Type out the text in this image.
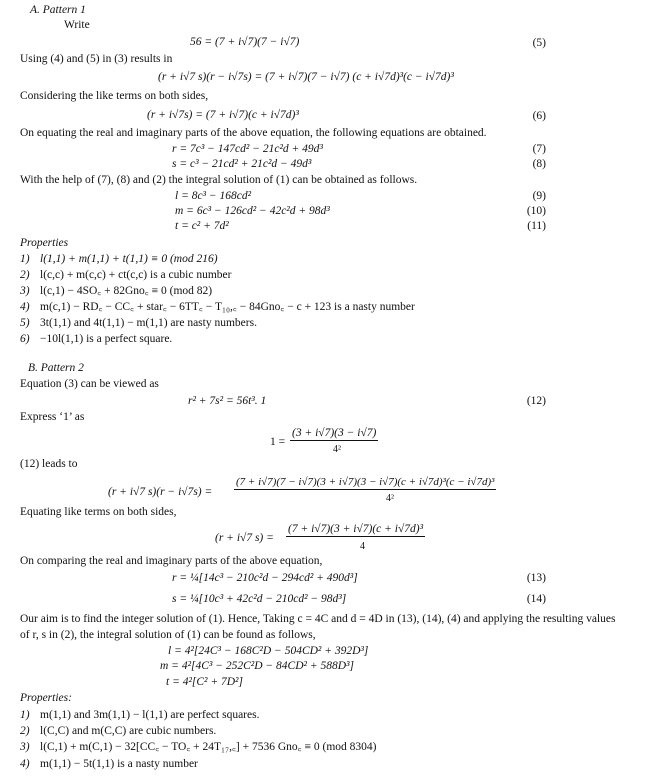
A. Pattern 1
Write
56 = (7 + i√7)(7 − i√7)	(5)
Using (4) and (5) in (3) results in
(r + i√7 s)(r − i√7s) = (7 + i√7)(7 − i√7) (c + i√7d)³(c − i√7d)³
Considering the like terms on both sides,
(r + i√7s) = (7 + i√7)(c + i√7d)³	(6)
On equating the real and imaginary parts of the above equation, the following equations are obtained.
r = 7c³ − 147cd² − 21c²d + 49d³	(7)
s = c³ − 21cd² + 21c²d − 49d³	(8)
With the help of (7), (8) and (2) the integral solution of (1) can be obtained as follows.
l = 8c³ − 168cd²	(9)
m = 6c³ − 126cd² − 42c²d + 98d³	(10)
t = c² + 7d²	(11)
Properties
1) l(1,1) + m(1,1) + t(1,1) ≡ 0 (mod 216)
2) l(c,c) + m(c,c) + ct(c,c) is a cubic number
3) l(c,1) − 4SO꜀ + 82Gno꜀ ≡ 0 (mod 82)
4) m(c,1) − RD꜀ − CC꜀ + star꜀ − 6TT꜀ − T₁₀,꜀ − 84Gno꜀ − c + 123 is a nasty number
5) 3t(1,1) and 4t(1,1) − m(1,1) are nasty numbers.
6) −10l(1,1) is a perfect square.
B. Pattern 2
Equation (3) can be viewed as
r² + 7s² = 56t³. 1	(12)
Express ‘1’ as
1 =
(3 + i√7)(3 − i√7)
4²
(12) leads to
(r + i√7 s)(r − i√7s) =
(7 + i√7)(7 − i√7)(3 + i√7)(3 − i√7)(c + i√7d)³(c − i√7d)³
4²
Equating like terms on both sides,
(r + i√7 s) =
(7 + i√7)(3 + i√7)(c + i√7d)³
4
On comparing the real and imaginary parts of the above equation,
r = ¼[14c³ − 210c²d − 294cd² + 490d³]	(13)
s = ¼[10c³ + 42c²d − 210cd² − 98d³]	(14)
Our aim is to find the integer solution of (1). Hence, Taking c = 4C and d = 4D in (13), (14), (4) and applying the resulting values
of r, s in (2), the integral solution of (1) can be found as follows,
l = 4²[24C³ − 168C²D − 504CD² + 392D³]
m = 4²[4C³ − 252C²D − 84CD² + 588D³]
t = 4²[C² + 7D²]
Properties:
1) m(1,1) and 3m(1,1) − l(1,1) are perfect squares.
2) l(C,C) and m(C,C) are cubic numbers.
3) l(C,1) + m(C,1) − 32[CC꜀ − TO꜀ + 24T₁₇,꜀] + 7536 Gno꜀ ≡ 0 (mod 8304)
4) m(1,1) − 5t(1,1) is a nasty number
